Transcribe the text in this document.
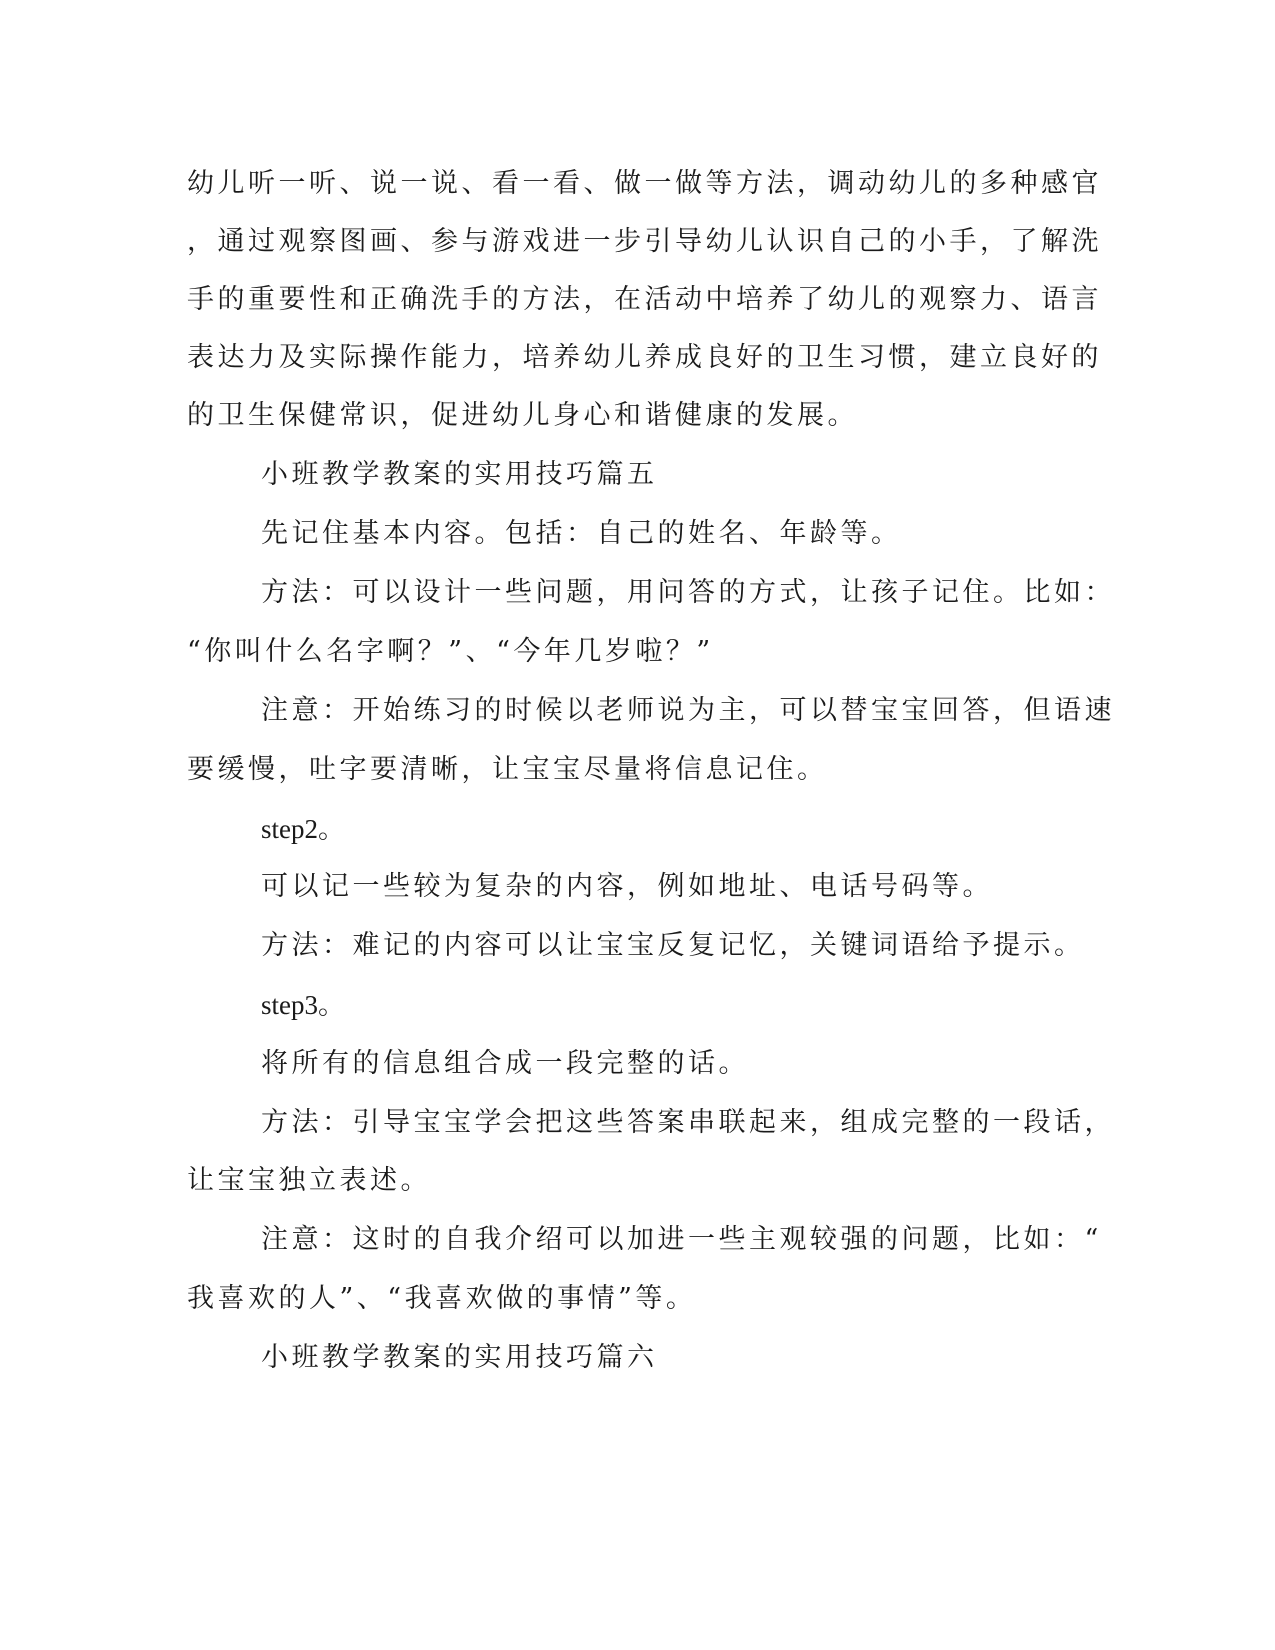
幼儿听一听、说一说、看一看、做一做等方法，调动幼儿的多种感官
，通过观察图画、参与游戏进一步引导幼儿认识自己的小手，了解洗
手的重要性和正确洗手的方法，在活动中培养了幼儿的观察力、语言
表达力及实际操作能力，培养幼儿养成良好的卫生习惯，建立良好的
的卫生保健常识，促进幼儿身心和谐健康的发展。
小班教学教案的实用技巧篇五
先记住基本内容。包括：自己的姓名、年龄等。
方法：可以设计一些问题，用问答的方式，让孩子记住。比如：
“你叫什么名字啊？”、“今年几岁啦？”
注意：开始练习的时候以老师说为主，可以替宝宝回答，但语速
要缓慢，吐字要清晰，让宝宝尽量将信息记住。
step2。
可以记一些较为复杂的内容，例如地址、电话号码等。
方法：难记的内容可以让宝宝反复记忆，关键词语给予提示。
step3。
将所有的信息组合成一段完整的话。
方法：引导宝宝学会把这些答案串联起来，组成完整的一段话，
让宝宝独立表述。
注意：这时的自我介绍可以加进一些主观较强的问题，比如：“
我喜欢的人”、“我喜欢做的事情”等。
小班教学教案的实用技巧篇六
